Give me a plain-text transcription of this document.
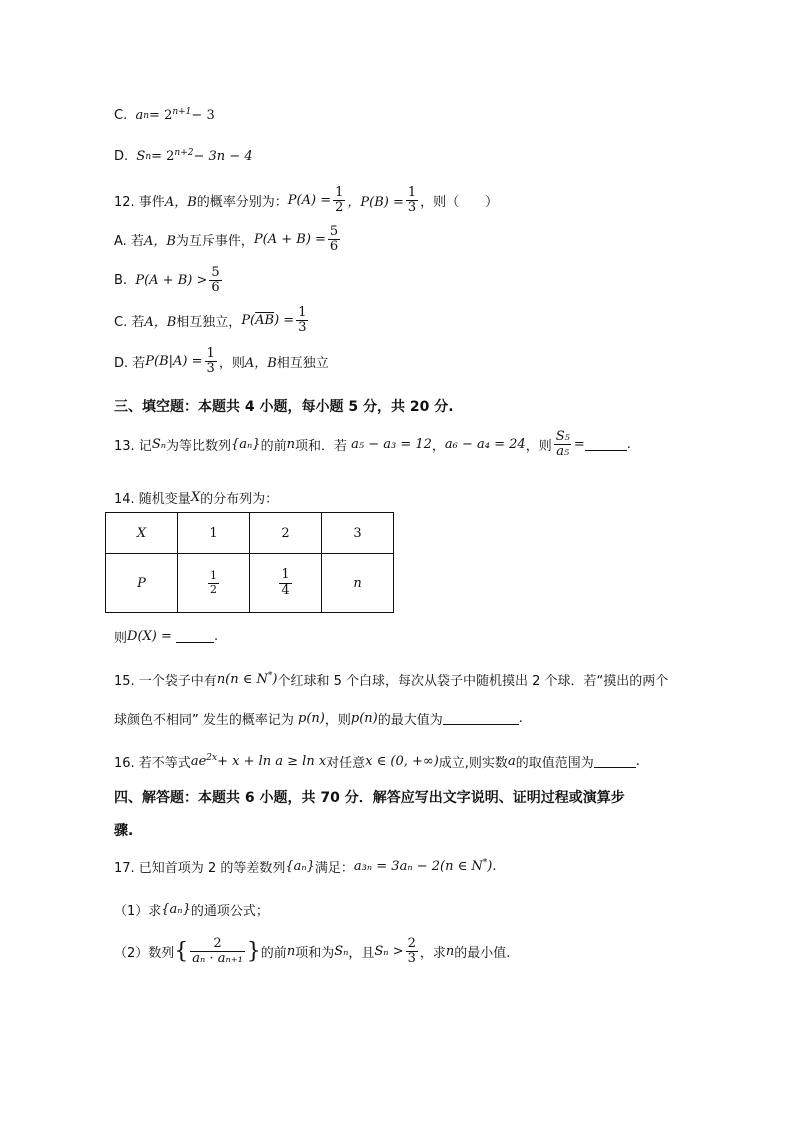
C.
a $n = 2^{n+1} - 3$
D.
S $n = 2^{n+2} - 3n - 4$
12. 事件 A，B 的概率分别为： $P(A) = \frac{1}{2}$ ，$P(B) = \frac{1}{3}$ ，则（　　）
A. 若 A，B 为互斥事件， $P(A + B) = \frac{5}{6}$
B.
$P(A + B) > \frac{5}{6}$
C. 若 A，B 相互独立， P( $\overline{AB}$ ) = $\frac{1}{3}$
D. 若 $P(B|A) = \frac{1}{3}$ ，则 A，B 相互独立
三、填空题：本题共 4 小题，每小题 5 分，共 20 分.
13. 记 Sₙ 为等比数列 {aₙ} 的前 n 项和．若
a₅ − a₃ = 12 ， a₆ − a₄ = 24 ，则 $\frac{\text{S₅}}{\text{a₅}}$ =	.
14. 随机变量 X 的分布列为：
X	1	2	3
P	$\frac{1}{2}$	$\frac{1}{4}$	n
则 D(X) =
	.
15. 一个袋子中有 n(n ∈ N* ) 个红球和 5 个白球，每次从袋子中随机摸出 2 个球．若“摸出的两个
球颜色不相同” 发生的概率记为
p(n) ，则 p(n) 的最大值为	.
16. 若不等式 $ae^{2x} + x + \ln a \ge \ln x$ 对任意 x ∈ (0, +∞) 成立,则实数 a 的取值范围为	.
四、解答题：本题共 6 小题，共 70 分．解答应写出文字说明、证明过程或演算步
骤.
17. 已知首项为 2 的等差数列 {aₙ} 满足： a₃ₙ = 3aₙ − 2 (n ∈ N* ) .
（1）求 {aₙ} 的通项公式；
（2）数列 { $\frac{2}{\text{aₙ · aₙ₊₁}}$ } 的前 n 项和为 Sₙ ，且 $S_n > \frac{2}{3}$ ，求 n 的最小值.
